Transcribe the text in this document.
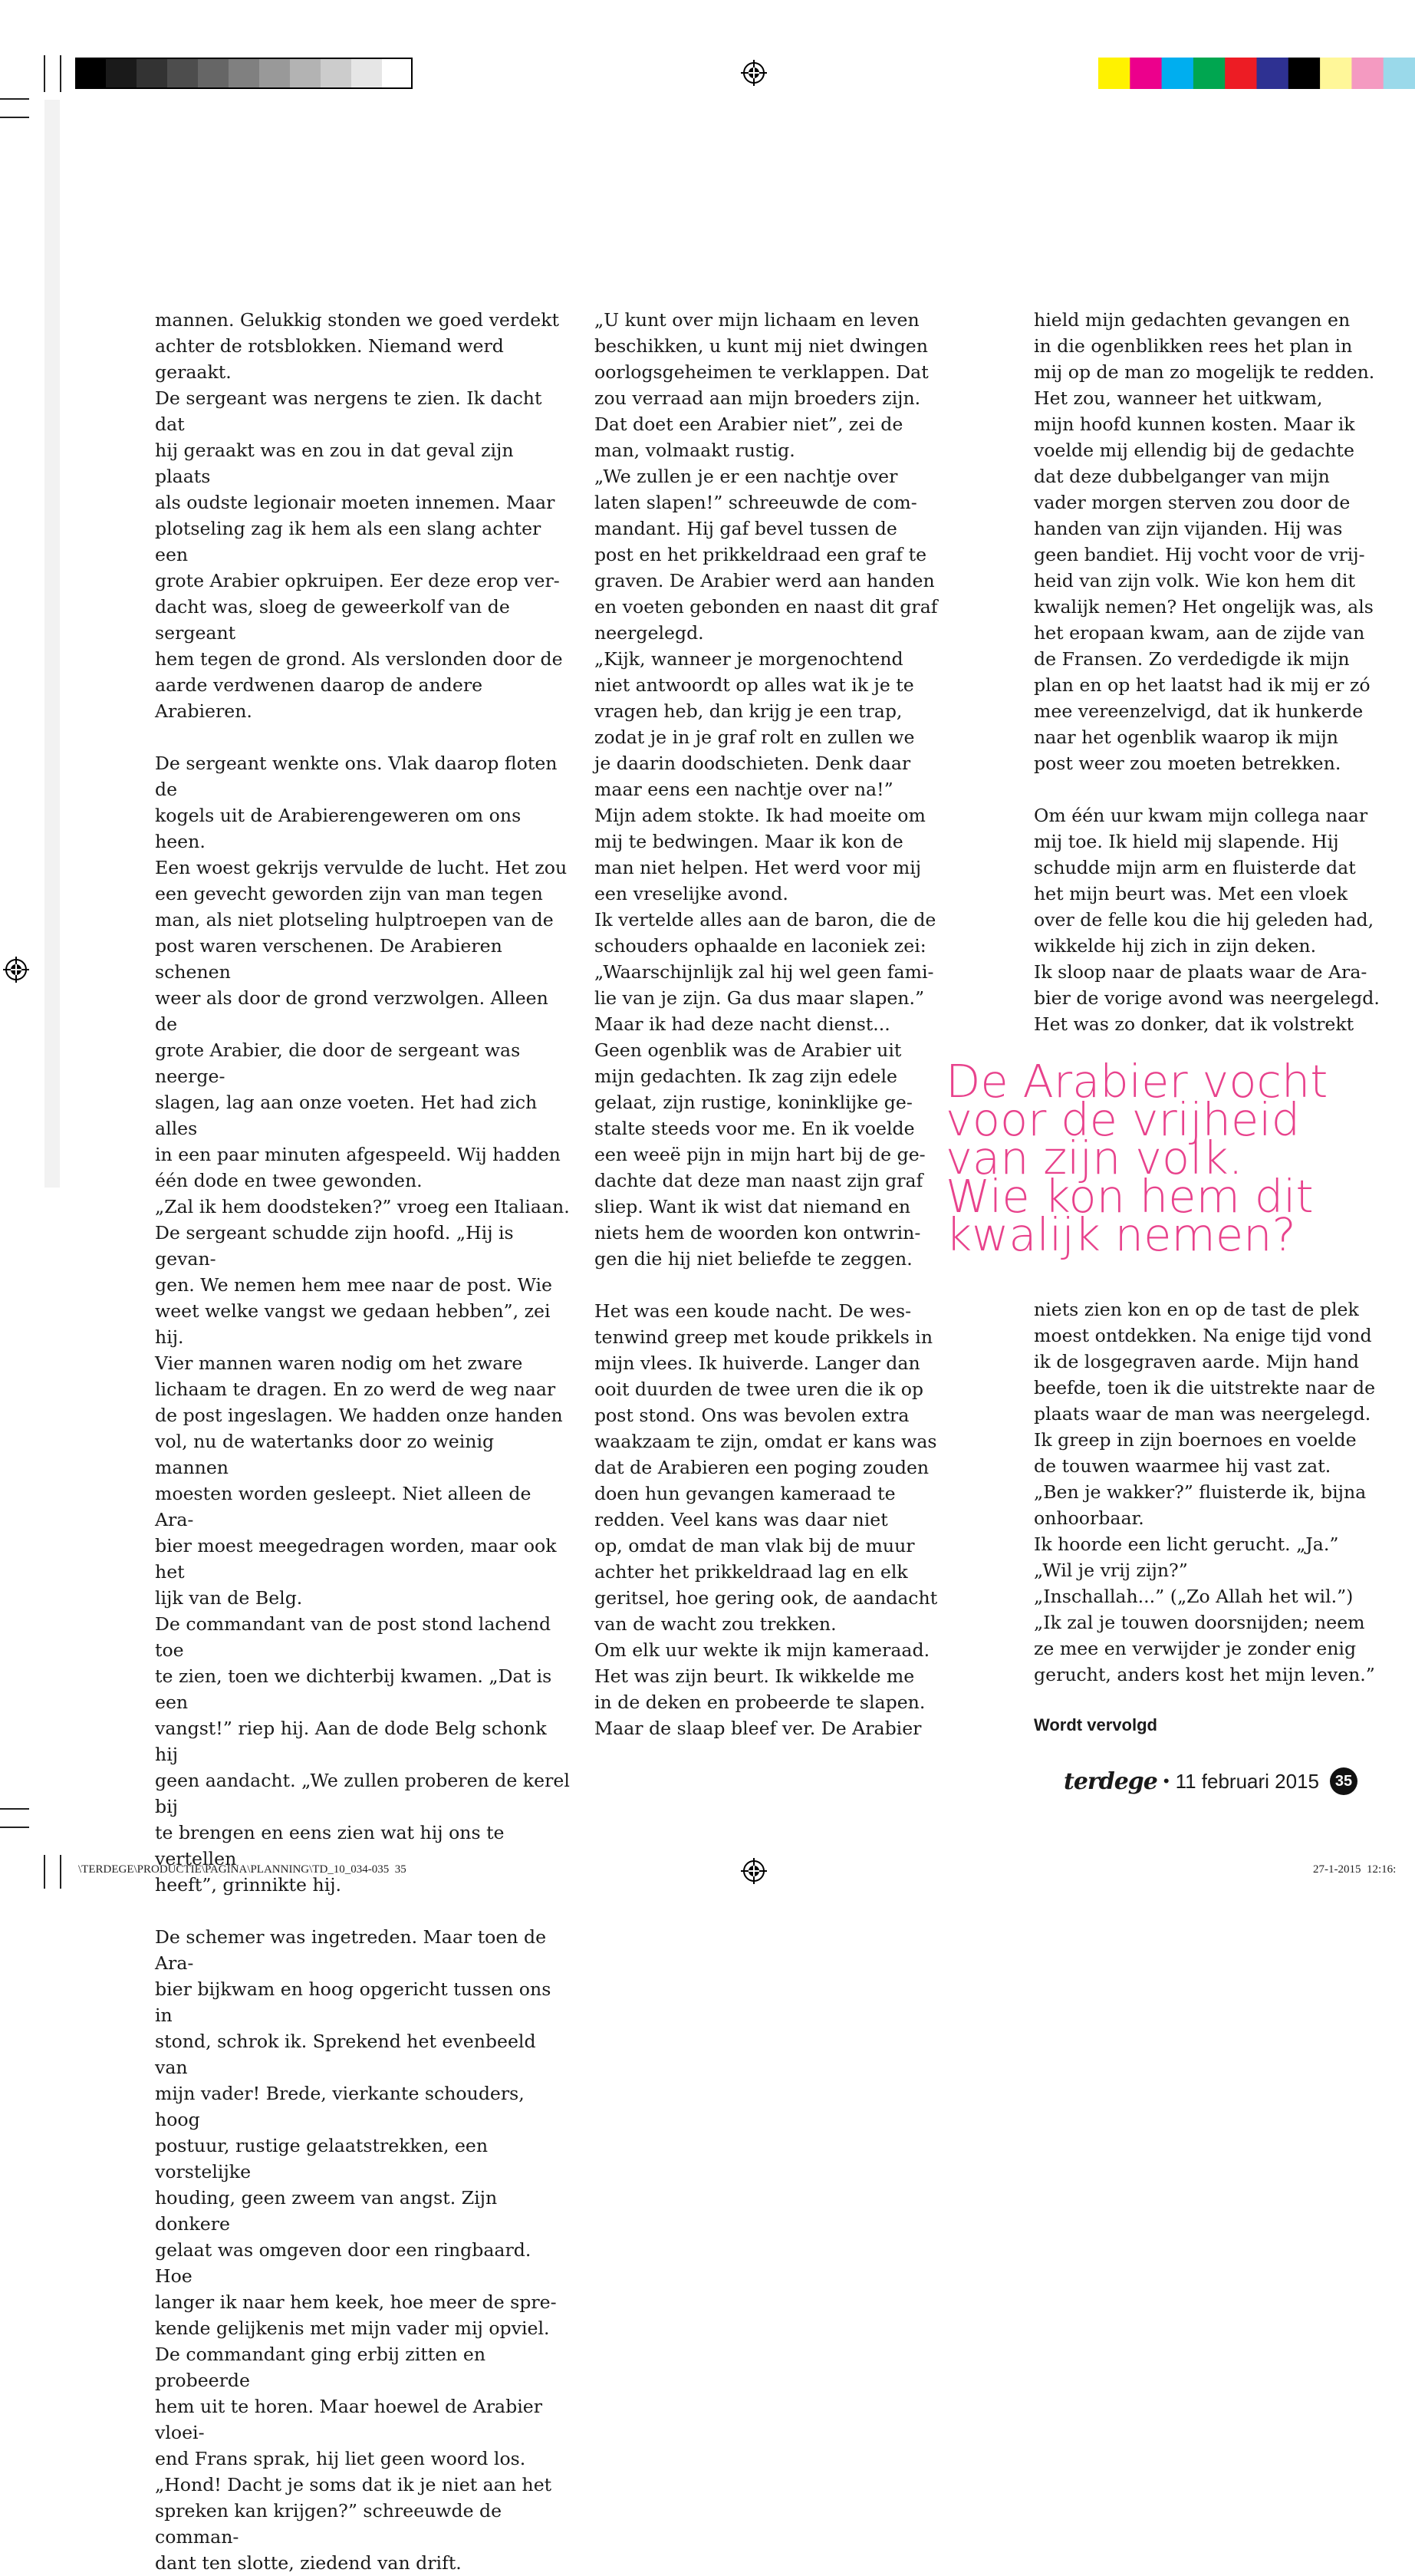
mannen. Gelukkig stonden we goed verdekt

achter de rotsblokken. Niemand werd geraakt.

De sergeant was nergens te zien. Ik dacht dat

hij geraakt was en zou in dat geval zijn plaats

als oudste legionair moeten innemen. Maar

plotseling zag ik hem als een slang achter een

grote Arabier opkruipen. Eer deze erop ver-

dacht was, sloeg de geweerkolf van de sergeant

hem tegen de grond. Als verslonden door de

aarde verdwenen daarop de andere Arabieren.

De sergeant wenkte ons. Vlak daarop floten de

kogels uit de Arabierengeweren om ons heen.

Een woest gekrijs vervulde de lucht. Het zou

een gevecht geworden zijn van man tegen

man, als niet plotseling hulptroepen van de

post waren verschenen. De Arabieren schenen

weer als door de grond verzwolgen. Alleen de

grote Arabier, die door de sergeant was neerge-

slagen, lag aan onze voeten. Het had zich alles

in een paar minuten afgespeeld. Wij hadden

één dode en twee gewonden.

„Zal ik hem doodsteken?” vroeg een Italiaan.

De sergeant schudde zijn hoofd. „Hij is gevan-

gen. We nemen hem mee naar de post. Wie

weet welke vangst we gedaan hebben”, zei hij.

Vier mannen waren nodig om het zware

lichaam te dragen. En zo werd de weg naar

de post ingeslagen. We hadden onze handen

vol, nu de watertanks door zo weinig mannen

moesten worden gesleept. Niet alleen de Ara-

bier moest meegedragen worden, maar ook het

lijk van de Belg.

De commandant van de post stond lachend toe

te zien, toen we dichterbij kwamen. „Dat is een

vangst!” riep hij. Aan de dode Belg schonk hij

geen aandacht. „We zullen proberen de kerel bij

te brengen en eens zien wat hij ons te vertellen

heeft”, grinnikte hij.

De schemer was ingetreden. Maar toen de Ara-

bier bijkwam en hoog opgericht tussen ons in

stond, schrok ik. Sprekend het evenbeeld van

mijn vader! Brede, vierkante schouders, hoog

postuur, rustige gelaatstrekken, een vorstelijke

houding, geen zweem van angst. Zijn donkere

gelaat was omgeven door een ringbaard. Hoe

langer ik naar hem keek, hoe meer de spre-

kende gelijkenis met mijn vader mij opviel.

De commandant ging erbij zitten en probeerde

hem uit te horen. Maar hoewel de Arabier vloei-

end Frans sprak, hij liet geen woord los.

„Hond! Dacht je soms dat ik je niet aan het

spreken kan krijgen?” schreeuwde de comman-

dant ten slotte, ziedend van drift.

„U kunt over mijn lichaam en leven

beschikken, u kunt mij niet dwingen

oorlogsgeheimen te verklappen. Dat

zou verraad aan mijn broeders zijn.

Dat doet een Arabier niet”, zei de

man, volmaakt rustig.

„We zullen je er een nachtje over

laten slapen!” schreeuwde de com-

mandant. Hij gaf bevel tussen de

post en het prikkeldraad een graf te

graven. De Arabier werd aan handen

en voeten gebonden en naast dit graf

neergelegd.

„Kijk, wanneer je morgenochtend

niet antwoordt op alles wat ik je te

vragen heb, dan krijg je een trap,

zodat je in je graf rolt en zullen we

je daarin doodschieten. Denk daar

maar eens een nachtje over na!”

Mijn adem stokte. Ik had moeite om

mij te bedwingen. Maar ik kon de

man niet helpen. Het werd voor mij

een vreselijke avond.

Ik vertelde alles aan de baron, die de

schouders ophaalde en laconiek zei:

„Waarschijnlijk zal hij wel geen fami-

lie van je zijn. Ga dus maar slapen.”

Maar ik had deze nacht dienst...

Geen ogenblik was de Arabier uit

mijn gedachten. Ik zag zijn edele

gelaat, zijn rustige, koninklijke ge-

stalte steeds voor me. En ik voelde

een weeë pijn in mijn hart bij de ge-

dachte dat deze man naast zijn graf

sliep. Want ik wist dat niemand en

niets hem de woorden kon ontwrin-

gen die hij niet beliefde te zeggen.

Het was een koude nacht. De wes-

tenwind greep met koude prikkels in

mijn vlees. Ik huiverde. Langer dan

ooit duurden de twee uren die ik op

post stond. Ons was bevolen extra

waakzaam te zijn, omdat er kans was

dat de Arabieren een poging zouden

doen hun gevangen kameraad te

redden. Veel kans was daar niet

op, omdat de man vlak bij de muur

achter het prikkeldraad lag en elk

geritsel, hoe gering ook, de aandacht

van de wacht zou trekken.

Om elk uur wekte ik mijn kameraad.

Het was zijn beurt. Ik wikkelde me

in de deken en probeerde te slapen.

Maar de slaap bleef ver. De Arabier

hield mijn gedachten gevangen en

in die ogenblikken rees het plan in

mij op de man zo mogelijk te redden.

Het zou, wanneer het uitkwam,

mijn hoofd kunnen kosten. Maar ik

voelde mij ellendig bij de gedachte

dat deze dubbelganger van mijn

vader morgen sterven zou door de

handen van zijn vijanden. Hij was

geen bandiet. Hij vocht voor de vrij-

heid van zijn volk. Wie kon hem dit

kwalijk nemen? Het ongelijk was, als

het eropaan kwam, aan de zijde van

de Fransen. Zo verdedigde ik mijn

plan en op het laatst had ik mij er zó

mee vereenzelvigd, dat ik hunkerde

naar het ogenblik waarop ik mijn

post weer zou moeten betrekken.

Om één uur kwam mijn collega naar

mij toe. Ik hield mij slapende. Hij

schudde mijn arm en fluisterde dat

het mijn beurt was. Met een vloek

over de felle kou die hij geleden had,

wikkelde hij zich in zijn deken.

Ik sloop naar de plaats waar de Ara-

bier de vorige avond was neergelegd.

Het was zo donker, dat ik volstrekt

De Arabier vocht

voor de vrijheid

van zijn volk.

Wie kon hem dit

kwalijk nemen?

niets zien kon en op de tast de plek

moest ontdekken. Na enige tijd vond

ik de losgegraven aarde. Mijn hand

beefde, toen ik die uitstrekte naar de

plaats waar de man was neergelegd.

Ik greep in zijn boernoes en voelde

de touwen waarmee hij vast zat.

„Ben je wakker?” fluisterde ik, bijna

onhoorbaar.

Ik hoorde een licht gerucht. „Ja.”

„Wil je vrij zijn?”

„Inschallah...” („Zo Allah het wil.”)

„Ik zal je touwen doorsnijden; neem

ze mee en verwijder je zonder enig

gerucht, anders kost het mijn leven.”

Wordt vervolgd
terdege • 11 februari 2015	35
\TERDEGE\PRODUCTIE\PAGINA\PLANNING\TD_10_034-035  35	27-1-2015  12:16:
